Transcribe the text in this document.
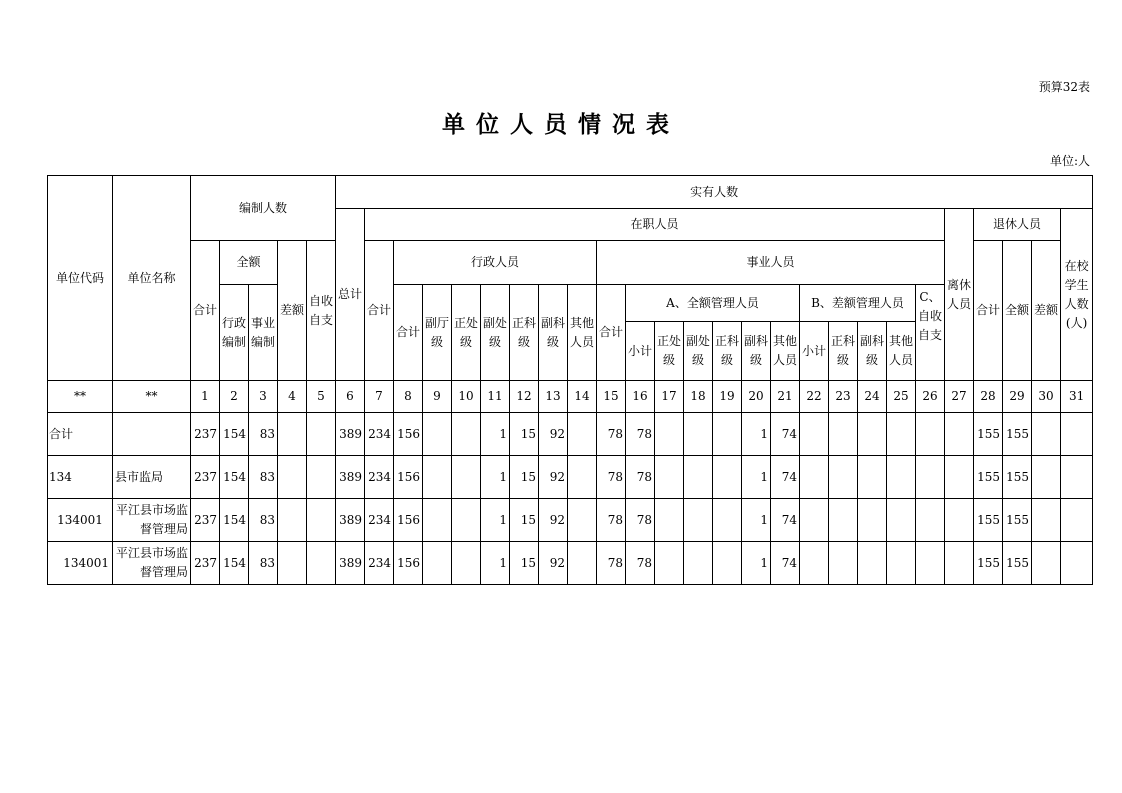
预算32表
单位人员情况表
单位:人
单位代码	单位名称	编制人数					实有人数																									
							总计	在职人员																				离休人员	退休人员			在校学生人数(人)

		合计	全额		差额	自收自支		合计	行政人员							事业人员													合计	全额	差额	

			行政编制	事业编制					合计	副厅级	正处级	副处级	正科级	副科级	其他人员	合计	A、全额管理人员						B、差额管理人员				C、自收自支					

																	小计	正处级	副处级	正科级	副科级	其他人员	小计	正科级	副科级	其他人员						

**	**	1	2	3	4	5	6	7	8	9	10	11	12	13	14	15	16	17	18	19	20	21	22	23	24	25	26	27	28	29	30	31
合计		237	154	83			389	234	156			1	15	92		78	78				1	74							155	155		
134	县市监局	237	154	83			389	234	156			1	15	92		78	78				1	74							155	155		
134001	平江县市场监督管理局	237	154	83			389	234	156			1	15	92		78	78				1	74							155	155		
134001	平江县市场监督管理局	237	154	83			389	234	156			1	15	92		78	78				1	74							155	155		
